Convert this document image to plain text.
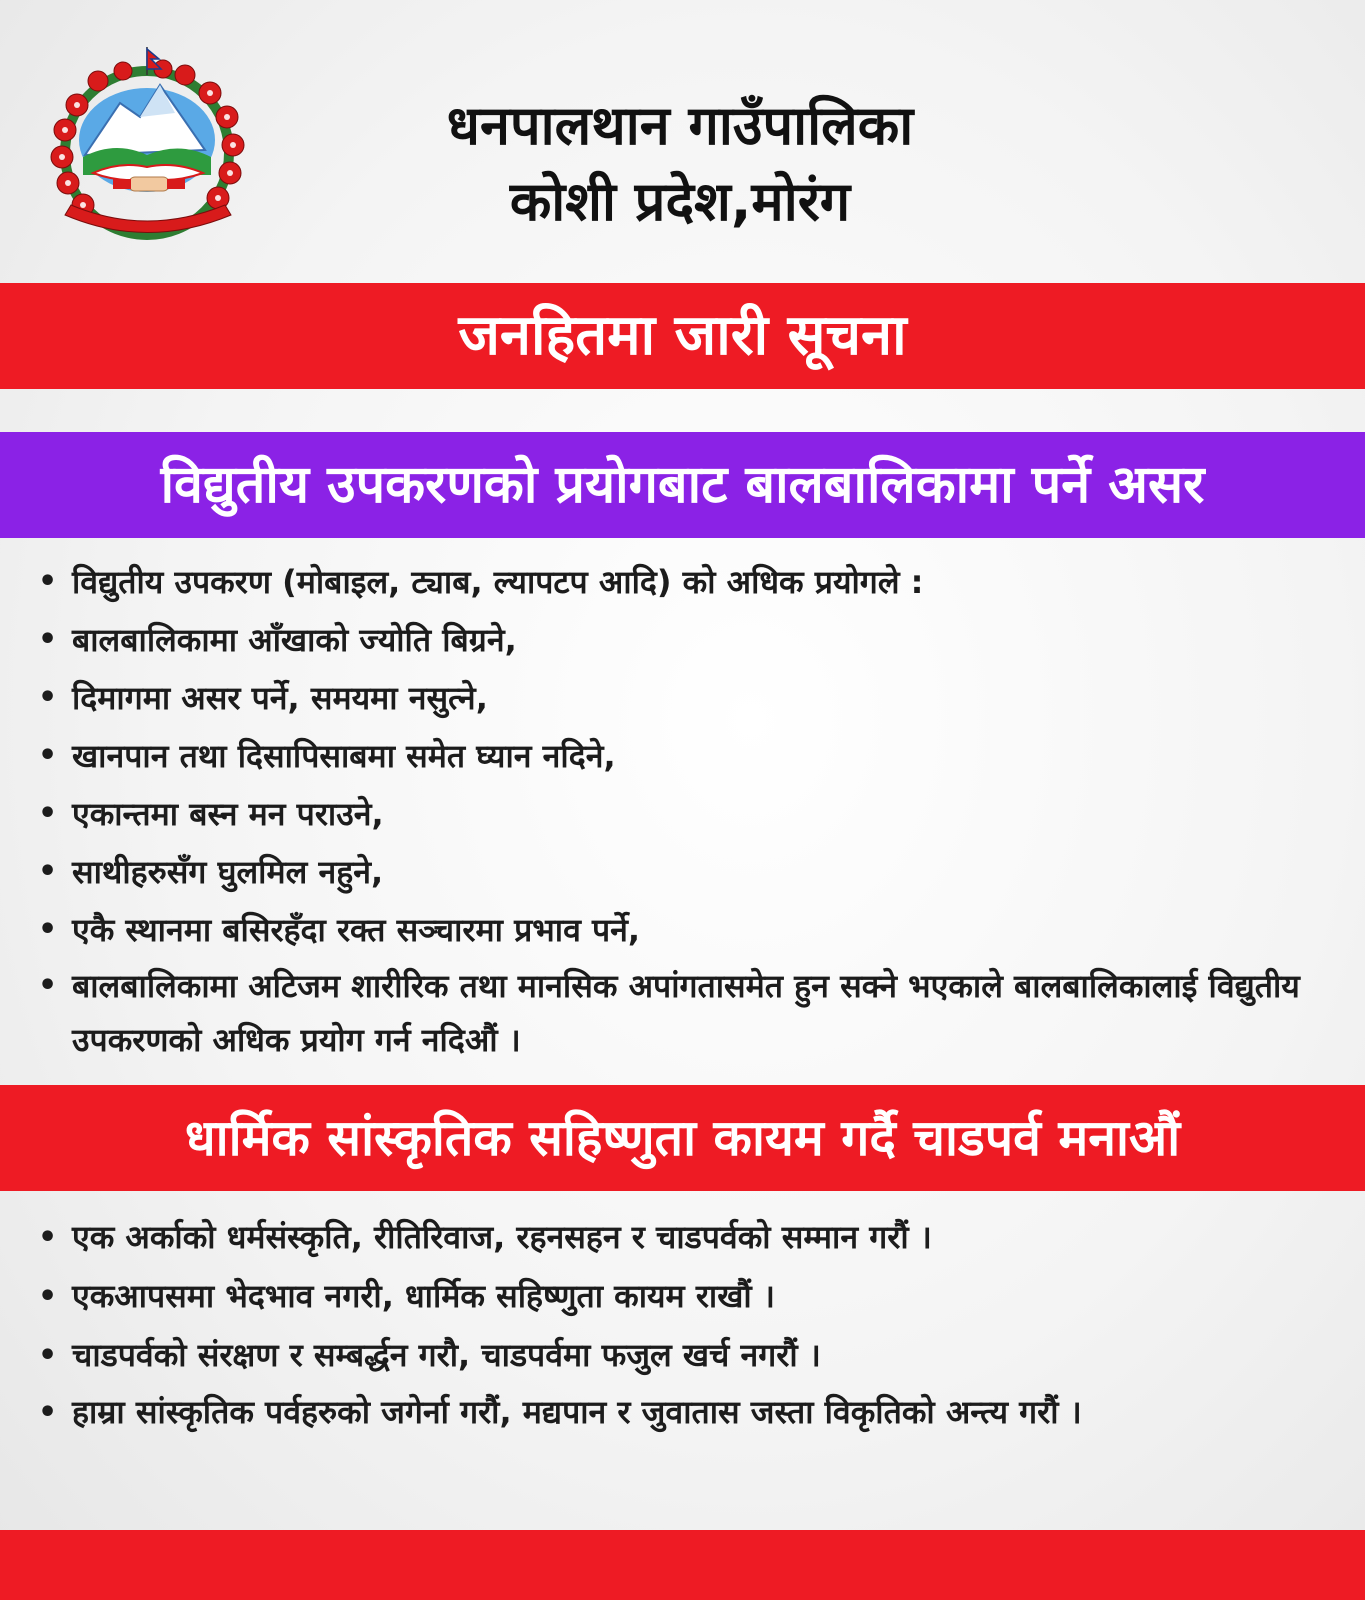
धनपालथान गाउँपालिका
कोशी प्रदेश,मोरंग
जनहितमा जारी सूचना
विद्युतीय उपकरणको प्रयोगबाट बालबालिकामा पर्ने असर
• विद्युतीय उपकरण (मोबाइल, ट्याब, ल्यापटप आदि) को अधिक प्रयोगले :
• बालबालिकामा आँखाको ज्योति बिग्रने,
• दिमागमा असर पर्ने, समयमा नसुत्ने,
• खानपान तथा दिसापिसाबमा समेत घ्यान नदिने,
• एकान्तमा बस्न मन पराउने,
• साथीहरुसँग घुलमिल नहुने,
• एकै स्थानमा बसिरहँदा रक्त सञ्चारमा प्रभाव पर्ने,
• बालबालिकामा अटिजम शारीरिक तथा मानसिक अपांगतासमेत हुन सक्ने भएकाले बालबालिकालाई विद्युतीय उपकरणको अधिक प्रयोग गर्न नदिऔं ।
धार्मिक सांस्कृतिक सहिष्णुता कायम गर्दै चाडपर्व मनाऔं
• एक अर्काको धर्मसंस्कृति, रीतिरिवाज, रहनसहन र चाडपर्वको सम्मान गरौं ।
• एकआपसमा भेदभाव नगरी, धार्मिक सहिष्णुता कायम राखौं ।
• चाडपर्वको संरक्षण र सम्बर्द्धन गरौ, चाडपर्वमा फजुल खर्च नगरौं ।
• हाम्रा सांस्कृतिक पर्वहरुको जगेर्ना गरौं, मद्यपान र जुवातास जस्ता विकृतिको अन्त्य गरौं ।
